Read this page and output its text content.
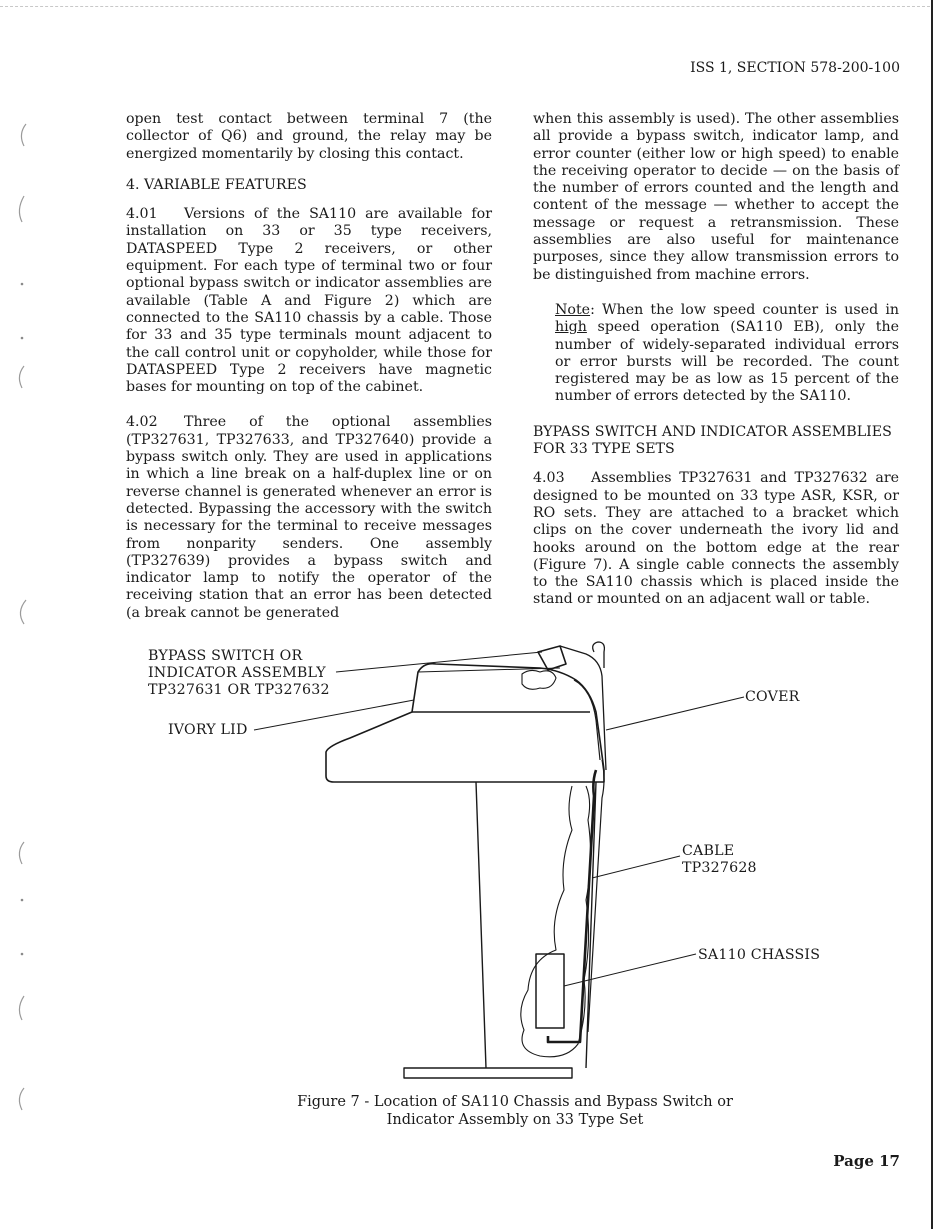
ISS 1, SECTION 578-200-100

open test contact between terminal 7 (the collector of Q6) and ground, the relay may be energized momentarily by closing this contact.

4. VARIABLE FEATURES

4.01 Versions of the SA110 are available for installation on 33 or 35 type receivers, DATASPEED Type 2 receivers, or other equipment. For each type of terminal two or four optional bypass switch or indicator assemblies are available (Table A and Figure 2) which are connected to the SA110 chassis by a cable. Those for 33 and 35 type terminals mount adjacent to the call control unit or copyholder, while those for DATASPEED Type 2 receivers have magnetic bases for mounting on top of the cabinet.

4.02 Three of the optional assemblies (TP327631, TP327633, and TP327640) provide a bypass switch only. They are used in applications in which a line break on a half-duplex line or on reverse channel is generated whenever an error is detected. Bypassing the accessory with the switch is necessary for the terminal to receive messages from nonparity senders. One assembly (TP327639) provides a bypass switch and indicator lamp to notify the operator of the receiving station that an error has been detected (a break cannot be generated

when this assembly is used). The other assemblies all provide a bypass switch, indicator lamp, and error counter (either low or high speed) to enable the receiving operator to decide — on the basis of the number of errors counted and the length and content of the message — whether to accept the message or request a retransmission. These assemblies are also useful for maintenance purposes, since they allow transmission errors to be distinguished from machine errors.

Note: When the low speed counter is used in high speed operation (SA110 EB), only the number of widely-separated individual errors or error bursts will be recorded. The count registered may be as low as 15 percent of the number of errors detected by the SA110.

BYPASS SWITCH AND INDICATOR ASSEMBLIES FOR 33 TYPE SETS

4.03 Assemblies TP327631 and TP327632 are designed to be mounted on 33 type ASR, KSR, or RO sets. They are attached to a bracket which clips on the cover underneath the ivory lid and hooks around on the bottom edge at the rear (Figure 7). A single cable connects the assembly to the SA110 chassis which is placed inside the stand or mounted on an adjacent wall or table.

BYPASS SWITCH OR
INDICATOR ASSEMBLY
TP327631 OR TP327632
IVORY LID
COVER
CABLE
TP327628
SA110 CHASSIS
Figure 7 - Location of SA110 Chassis and Bypass Switch or
Indicator Assembly on 33 Type Set
Page 17
